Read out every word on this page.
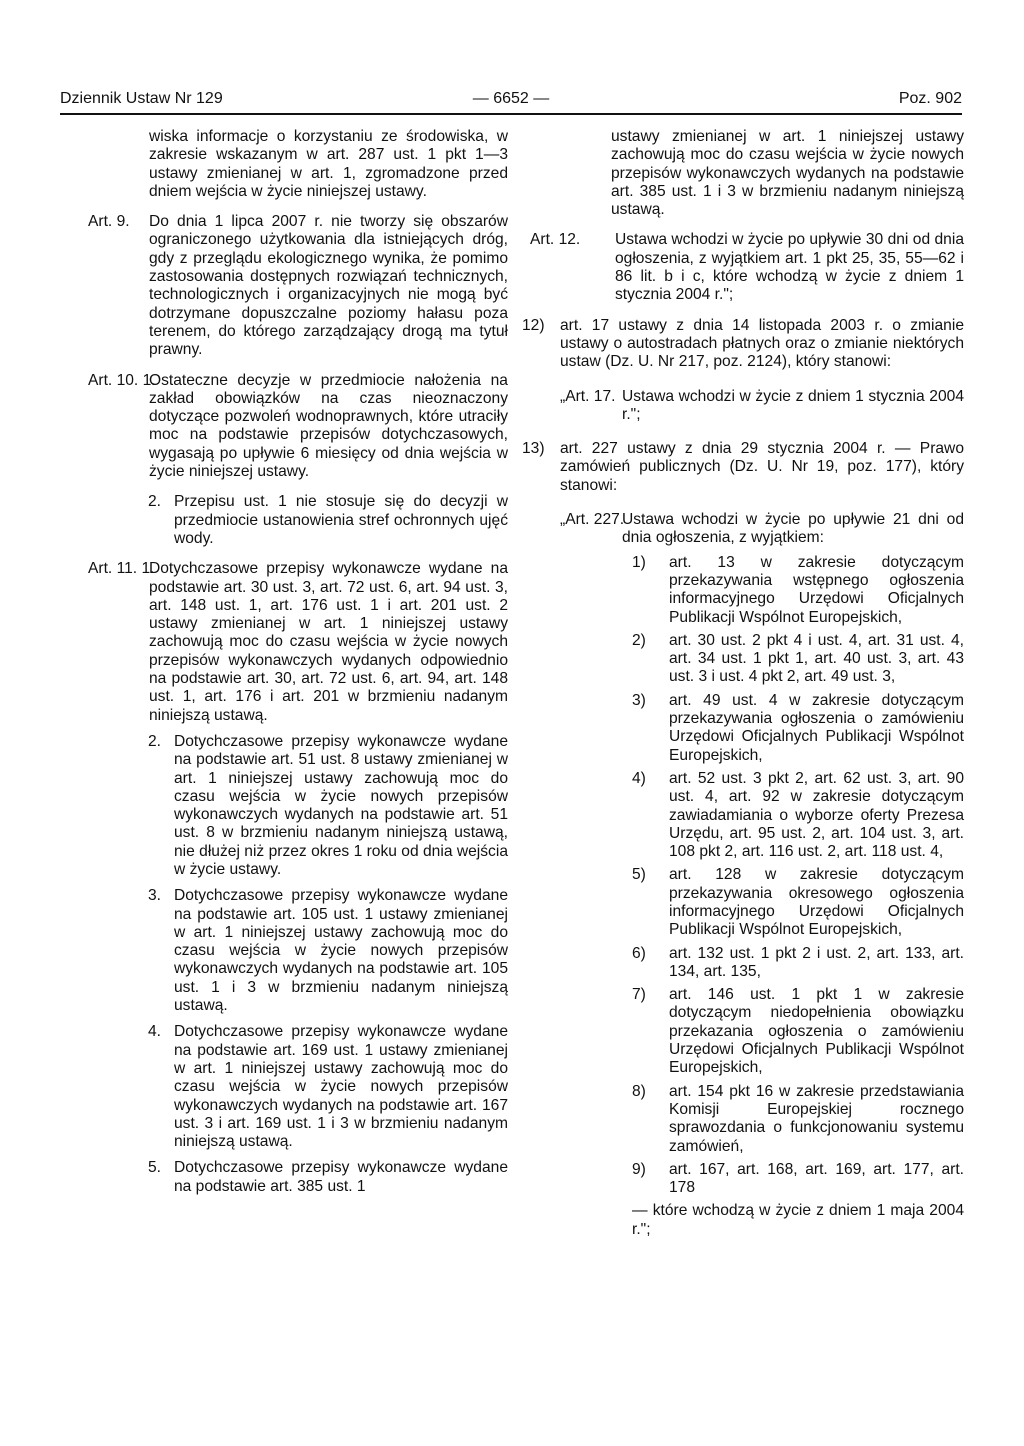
Dziennik Ustaw Nr 129	— 6652 —	Poz. 902
wiska informacje o korzystaniu ze środowiska, w zakresie wskazanym w art. 287 ust. 1 pkt 1—3 ustawy zmienianej w art. 1, zgromadzone przed dniem wejścia w życie niniejszej ustawy.
Art. 9.	Do dnia 1 lipca 2007 r. nie tworzy się obszarów ograniczonego użytkowania dla istniejących dróg, gdy z przeglądu ekologicznego wynika, że pomimo zastosowania dostępnych rozwiązań technicznych, technologicznych i organizacyjnych nie mogą być dotrzymane dopuszczalne poziomy hałasu poza terenem, do którego zarządzający drogą ma tytuł prawny.
Art. 10. 1.
Ostateczne decyzje w przedmiocie nałożenia na zakład obowiązków na czas nieoznaczony dotyczące pozwoleń wodnoprawnych, które utraciły moc na podstawie przepisów dotychczasowych, wygasają po upływie 6 miesięcy od dnia wejścia w życie niniejszej ustawy.
2. Przepisu ust. 1 nie stosuje się do decyzji w przedmiocie ustanowienia stref ochronnych ujęć wody.
Art. 11. 1.
Dotychczasowe przepisy wykonawcze wydane na podstawie art. 30 ust. 3, art. 72 ust. 6, art. 94 ust. 3, art. 148 ust. 1, art. 176 ust. 1 i art. 201 ust. 2 ustawy zmienianej w art. 1 niniejszej ustawy zachowują moc do czasu wejścia w życie nowych przepisów wykonawczych wydanych odpowiednio na podstawie art. 30, art. 72 ust. 6, art. 94, art. 148 ust. 1, art. 176 i art. 201 w brzmieniu nadanym niniejszą ustawą.
2. Dotychczasowe przepisy wykonawcze wydane na podstawie art. 51 ust. 8 ustawy zmienianej w art. 1 niniejszej ustawy zachowują moc do czasu wejścia w życie nowych przepisów wykonawczych wydanych na podstawie art. 51 ust. 8 w brzmieniu nadanym niniejszą ustawą, nie dłużej niż przez okres 1 roku od dnia wejścia w życie ustawy.
3. Dotychczasowe przepisy wykonawcze wydane na podstawie art. 105 ust. 1 ustawy zmienianej w art. 1 niniejszej ustawy zachowują moc do czasu wejścia w życie nowych przepisów wykonawczych wydanych na podstawie art. 105 ust. 1 i 3 w brzmieniu nadanym niniejszą ustawą.
4. Dotychczasowe przepisy wykonawcze wydane na podstawie art. 169 ust. 1 ustawy zmienianej w art. 1 niniejszej ustawy zachowują moc do czasu wejścia w życie nowych przepisów wykonawczych wydanych na podstawie art. 167 ust. 3 i art. 169 ust. 1 i 3 w brzmieniu nadanym niniejszą ustawą.
5. Dotychczasowe przepisy wykonawcze wydane na podstawie art. 385 ust. 1
ustawy zmienianej w art. 1 niniejszej ustawy zachowują moc do czasu wejścia w życie nowych przepisów wykonawczych wydanych na podstawie art. 385 ust. 1 i 3 w brzmieniu nadanym niniejszą ustawą.
Art. 12. Ustawa wchodzi w życie po upływie 30 dni od dnia ogłoszenia, z wyjątkiem art. 1 pkt 25, 35, 55—62 i 86 lit. b i c, które wchodzą w życie z dniem 1 stycznia 2004 r.";
12) art. 17 ustawy z dnia 14 listopada 2003 r. o zmianie ustawy o autostradach płatnych oraz o zmianie niektórych ustaw (Dz. U. Nr 217, poz. 2124), który stanowi:
„Art. 17. Ustawa wchodzi w życie z dniem 1 stycznia 2004 r.";
13) art. 227 ustawy z dnia 29 stycznia 2004 r. — Prawo zamówień publicznych (Dz. U. Nr 19, poz. 177), który stanowi:
„Art. 227.
Ustawa wchodzi w życie po upływie 21 dni od dnia ogłoszenia, z wyjątkiem:
1) art. 13 w zakresie dotyczącym przekazywania wstępnego ogłoszenia informacyjnego Urzędowi Oficjalnych Publikacji Wspólnot Europejskich,
2) art. 30 ust. 2 pkt 4 i ust. 4, art. 31 ust. 4, art. 34 ust. 1 pkt 1, art. 40 ust. 3, art. 43 ust. 3 i ust. 4 pkt 2, art. 49 ust. 3,
3) art. 49 ust. 4 w zakresie dotyczącym przekazywania ogłoszenia o zamówieniu Urzędowi Oficjalnych Publikacji Wspólnot Europejskich,
4) art. 52 ust. 3 pkt 2, art. 62 ust. 3, art. 90 ust. 4, art. 92 w zakresie dotyczącym zawiadamiania o wyborze oferty Prezesa Urzędu, art. 95 ust. 2, art. 104 ust. 3, art. 108 pkt 2, art. 116 ust. 2, art. 118 ust. 4,
5) art. 128 w zakresie dotyczącym przekazywania okresowego ogłoszenia informacyjnego Urzędowi Oficjalnych Publikacji Wspólnot Europejskich,
6) art. 132 ust. 1 pkt 2 i ust. 2, art. 133, art. 134, art. 135,
7) art. 146 ust. 1 pkt 1 w zakresie dotyczącym niedopełnienia obowiązku przekazania ogłoszenia o zamówieniu Urzędowi Oficjalnych Publikacji Wspólnot Europejskich,
8) art. 154 pkt 16 w zakresie przedstawiania Komisji Europejskiej rocznego sprawozdania o funkcjonowaniu systemu zamówień,
9) art. 167, art. 168, art. 169, art. 177, art. 178
— które wchodzą w życie z dniem 1 maja 2004 r.";
